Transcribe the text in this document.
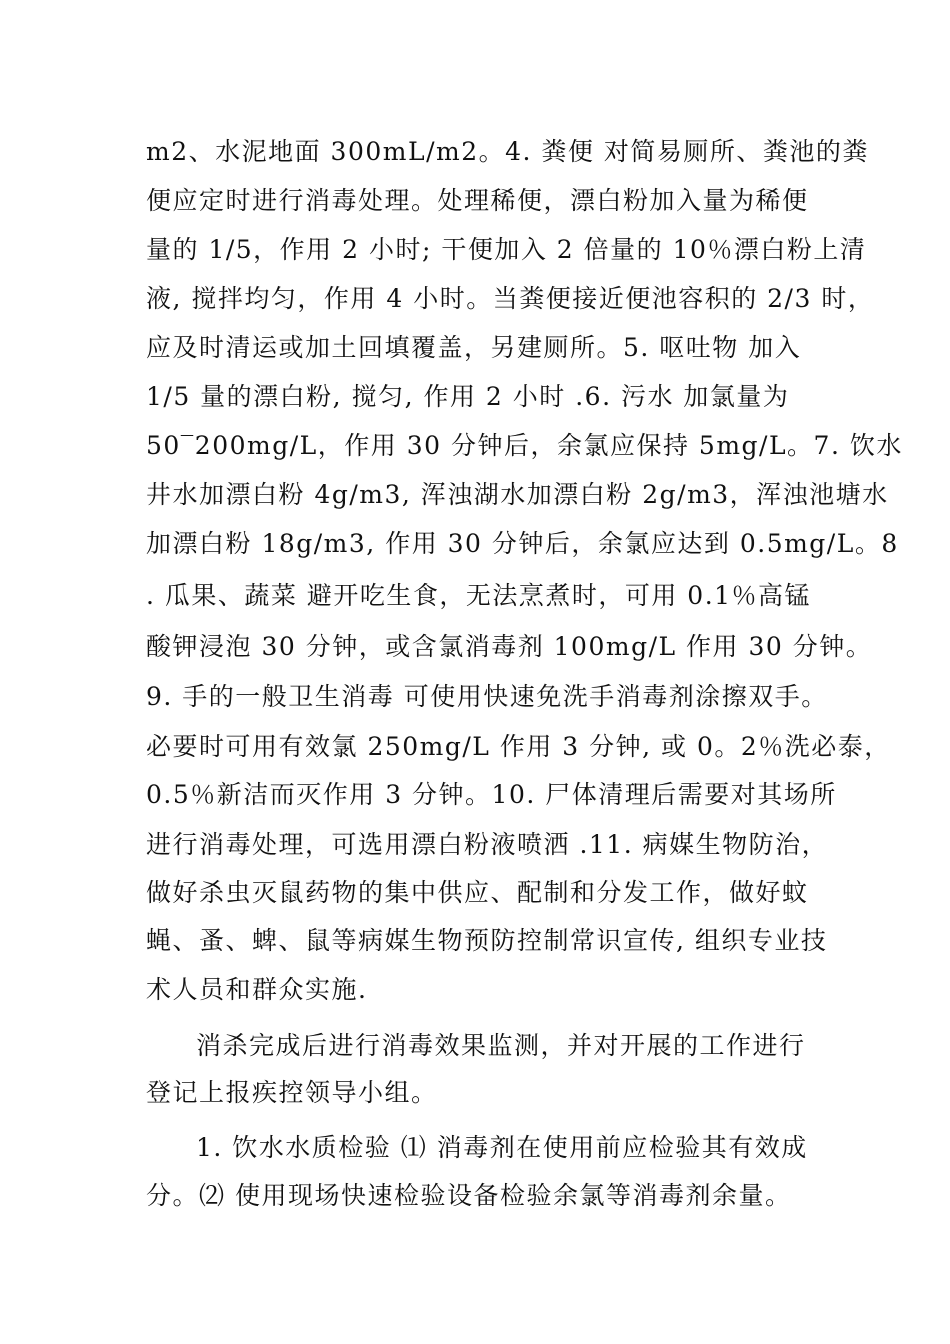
m2、水泥地面 300mL/m2。4. 粪便 对简易厕所、粪池的粪
便应定时进行消毒处理。处理稀便，漂白粉加入量为稀便
量的 1/5，作用 2 小时; 干便加入 2 倍量的 10％漂白粉上清
液, 搅拌均匀，作用 4 小时。当粪便接近便池容积的 2/3 时，
应及时清运或加土回填覆盖，另建厕所。5. 呕吐物 加入
1/5 量的漂白粉, 搅匀, 作用 2 小时 .6. 污水 加氯量为
50‾200mg/L，作用 30 分钟后，余氯应保持 5mg/L。7. 饮水
井水加漂白粉 4g/m3, 浑浊湖水加漂白粉 2g/m3，浑浊池塘水
加漂白粉 18g/m3, 作用 30 分钟后，余氯应达到 0.5mg/L。8
. 瓜果、蔬菜 避开吃生食，无法烹煮时，可用 0.1％高锰
酸钾浸泡 30 分钟，或含氯消毒剂 100mg/L 作用 30 分钟。
9. 手的一般卫生消毒 可使用快速免洗手消毒剂涂擦双手。
必要时可用有效氯 250mg/L 作用 3 分钟, 或 0。2％洗必泰，
0.5％新洁而灭作用 3 分钟。10. 尸体清理后需要对其场所
进行消毒处理，可选用漂白粉液喷洒 .11. 病媒生物防治，
做好杀虫灭鼠药物的集中供应、配制和分发工作，做好蚊
蝇、蚤、蜱、鼠等病媒生物预防控制常识宣传, 组织专业技
术人员和群众实施.
消杀完成后进行消毒效果监测，并对开展的工作进行
登记上报疾控领导小组。
1. 饮水水质检验 ⑴ 消毒剂在使用前应检验其有效成
分。⑵ 使用现场快速检验设备检验余氯等消毒剂余量。
